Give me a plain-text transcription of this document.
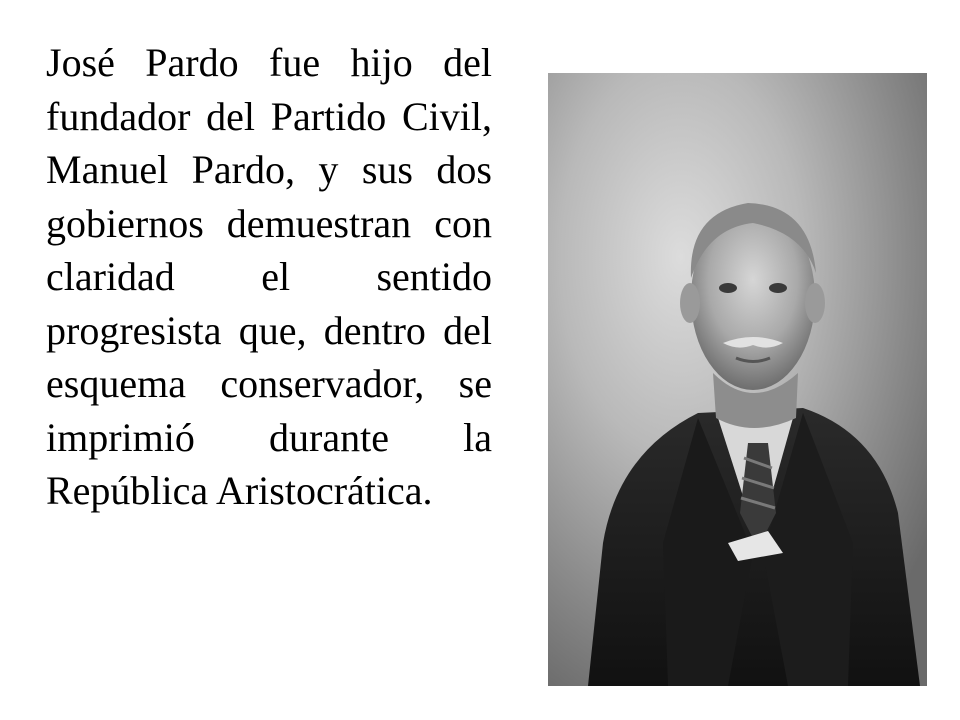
José Pardo fue hijo del fundador del Partido Civil, Manuel Pardo, y sus dos gobiernos demuestran con claridad el sentido progresista que, dentro del esquema conservador, se imprimió durante la República Aristocrática.
